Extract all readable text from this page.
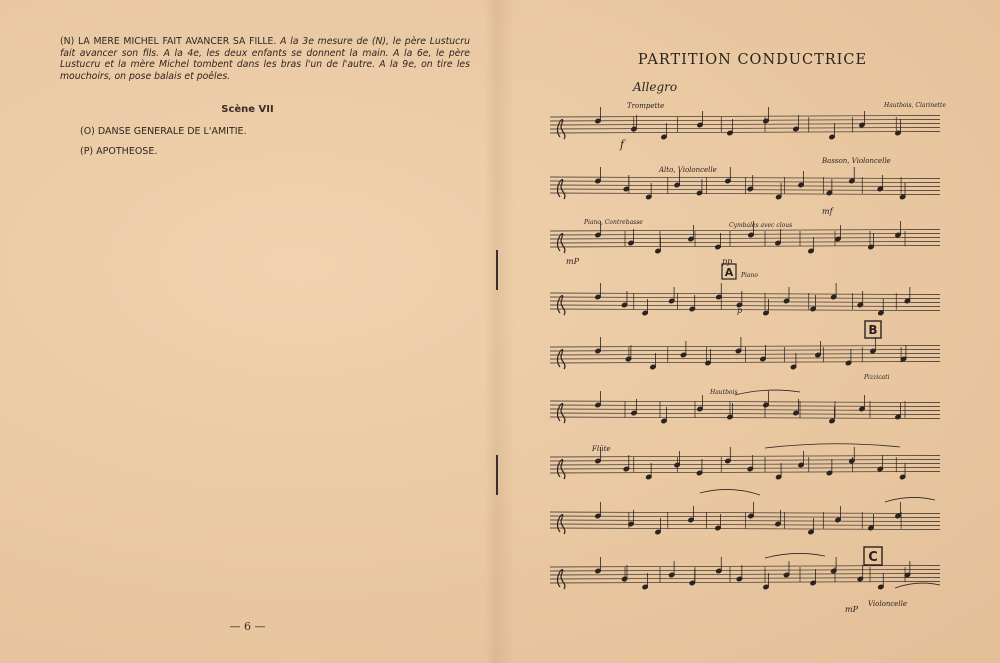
(N) LA MERE MICHEL FAIT AVANCER SA FILLE. A la 3e mesure de (N), le père Lustucru fait avancer son fils. A la 4e, les deux enfants se donnent la main. A la 6e, le père Lustucru et la mère Michel tombent dans les bras l'un de l'autre. A la 9e, on tire les mouchoirs, on pose balais et poêles.
Scène VII
(O) DANSE GENERALE DE L'AMITIE.
(P) APOTHEOSE.
— 6 —
PARTITION CONDUCTRICE
Allegro
Trompette	Hautbois, Clarinette
Alto, Violoncelle
Basson, Violoncelle
Piano, Contrebasse	Cymbales avec clous
Piano
Pizzicati
Hautbois
Flûte
Violoncelle
f
mf
mP	pp
p
mP
A
B
C
